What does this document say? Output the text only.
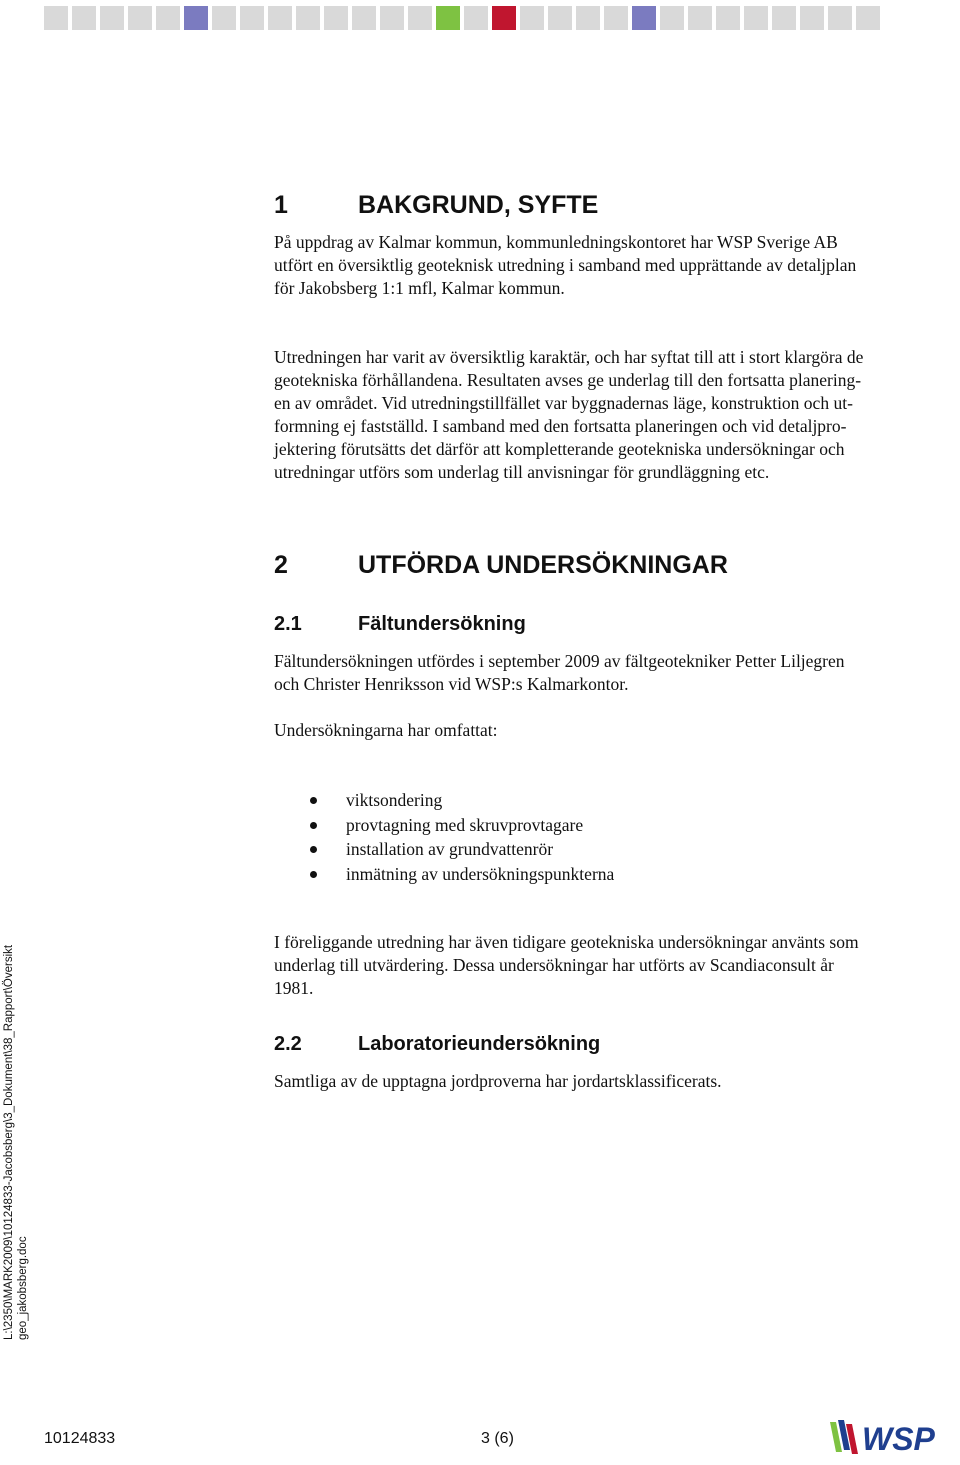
1	BAKGRUND, SYFTE

På uppdrag av Kalmar kommun, kommunledningskontoret har WSP Sverige AB
utfört en översiktlig geoteknisk utredning i samband med upprättande av detaljplan
för Jakobsberg 1:1 mfl, Kalmar kommun.

Utredningen har varit av översiktlig karaktär, och har syftat till att i stort klargöra de
geotekniska förhållandena. Resultaten avses ge underlag till den fortsatta planering-
en av området. Vid utredningstillfället var byggnadernas läge, konstruktion och ut-
formning ej fastställd. I samband med den fortsatta planeringen och vid detaljpro-
jektering förutsätts det därför att kompletterande geotekniska undersökningar och
utredningar utförs som underlag till anvisningar för grundläggning etc.

2	UTFÖRDA UNDERSÖKNINGAR
2.1	Fältundersökning

Fältundersökningen utfördes i september 2009 av fältgeotekniker Petter Liljegren
och Christer Henriksson vid WSP:s Kalmarkontor.

Undersökningarna har omfattat:

viktsondering
provtagning med skruvprovtagare
installation av grundvattenrör
inmätning av undersökningspunkterna

I föreliggande utredning har även tidigare geotekniska undersökningar använts som
underlag till utvärdering. Dessa undersökningar har utförts av Scandiaconsult år
1981.

2.2	Laboratorieundersökning

Samtliga av de upptagna jordproverna har jordartsklassificerats.

L:\2350\MARK2009\10124833-Jacobsberg\3_Dokument\38_Rapport\Översikt geo_jakobsberg.doc
10124833	3 (6)	WSP
